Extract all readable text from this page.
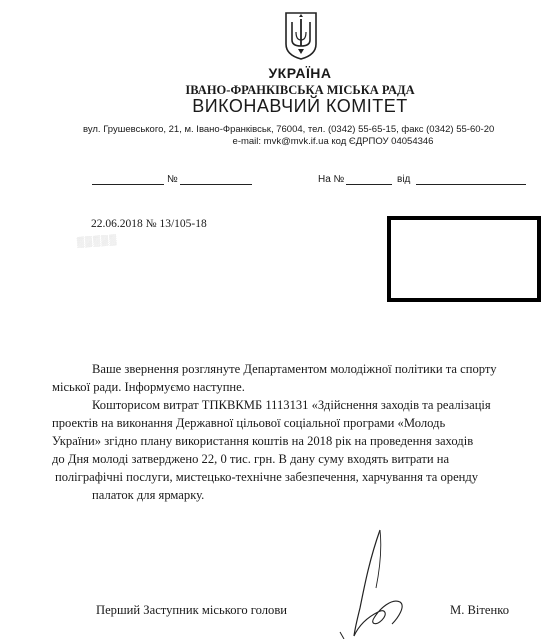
УКРАЇНА
ІВАНО-ФРАНКІВСЬКА МІСЬКА РАДА
ВИКОНАВЧИЙ КОМІТЕТ
вул. Грушевського, 21, м. Івано-Франківськ, 76004, тел. (0342) 55-65-15, факс (0342) 55-60-20
e-mail: mvk@mvk.if.ua код ЄДРПОУ 04054346
№	На №	від
22.06.2018 № 13/105-18
▒▒▒▒▒
Ваше звернення розглянуте Департаментом молодіжної політики та спорту
міської ради. Інформуємо наступне.
Кошторисом витрат ТПКВКМБ 1113131 «Здійснення заходів та реалізація
проектів на виконання Державної цільової соціальної програми «Молодь
України» згідно плану використання коштів на 2018 рік на проведення заходів
до Дня молоді затверджено 22, 0 тис. грн. В дану суму входять витрати на
поліграфічні послуги, мистецько-технічне забезпечення, харчування та оренду
палаток для ярмарку.
Перший Заступник міського голови	М. Вітенко
